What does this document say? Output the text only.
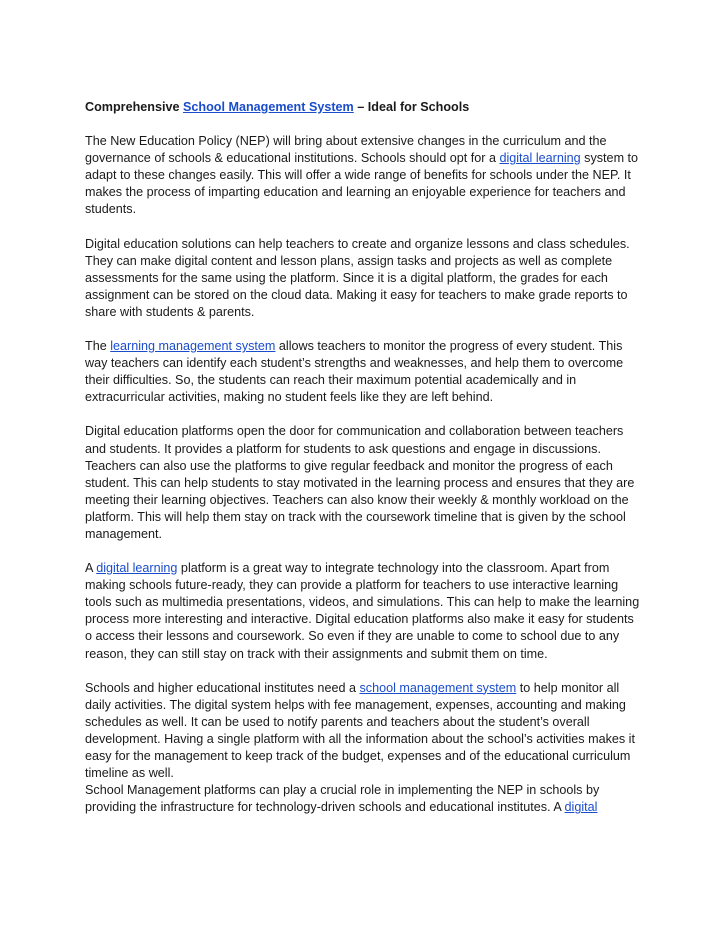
Comprehensive School Management System – Ideal for Schools

The New Education Policy (NEP) will bring about extensive changes in the curriculum and the governance of schools & educational institutions. Schools should opt for a digital learning system to adapt to these changes easily. This will offer a wide range of benefits for schools under the NEP. It makes the process of imparting education and learning an enjoyable experience for teachers and students.

Digital education solutions can help teachers to create and organize lessons and class schedules. They can make digital content and lesson plans, assign tasks and projects as well as complete assessments for the same using the platform. Since it is a digital platform, the grades for each assignment can be stored on the cloud data. Making it easy for teachers to make grade reports to share with students & parents.

The learning management system allows teachers to monitor the progress of every student. This way teachers can identify each student’s strengths and weaknesses, and help them to overcome their difficulties. So, the students can reach their maximum potential academically and in extracurricular activities, making no student feels like they are left behind.

Digital education platforms open the door for communication and collaboration between teachers and students. It provides a platform for students to ask questions and engage in discussions. Teachers can also use the platforms to give regular feedback and monitor the progress of each student. This can help students to stay motivated in the learning process and ensures that they are meeting their learning objectives. Teachers can also know their weekly & monthly workload on the platform. This will help them stay on track with the coursework timeline that is given by the school management.

A digital learning platform is a great way to integrate technology into the classroom. Apart from making schools future-ready, they can provide a platform for teachers to use interactive learning tools such as multimedia presentations, videos, and simulations. This can help to make the learning process more interesting and interactive. Digital education platforms also make it easy for students o access their lessons and coursework. So even if they are unable to come to school due to any reason, they can still stay on track with their assignments and submit them on time.

Schools and higher educational institutes need a school management system to help monitor all daily activities. The digital system helps with fee management, expenses, accounting and making schedules as well. It can be used to notify parents and teachers about the student’s overall development. Having a single platform with all the information about the school’s activities makes it easy for the management to keep track of the budget, expenses and of the educational curriculum timeline as well.

School Management platforms can play a crucial role in implementing the NEP in schools by providing the infrastructure for technology-driven schools and educational institutes. A digital
